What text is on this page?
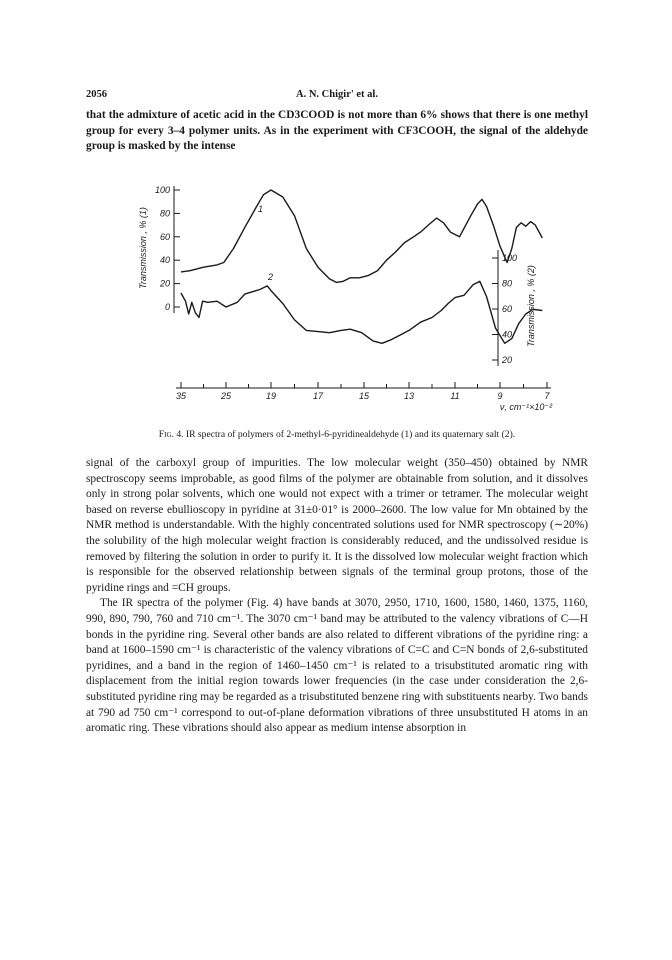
2056	A. N. Chigir' et al.

that the admixture of acetic acid in the CD3COOD is not more than 6% shows that there is one methyl group for every 3–4 polymer units. As in the experiment with CF3COOH, the signal of the aldehyde group is masked by the intense

100
80
60
40
20
0
100
80
60
40
20
35	25	19	17	15	13	11	9	7
Transmission , % (1)
Transmission , % (2)
ν, cm⁻¹×10⁻²
1
2
Fig. 4. IR spectra of polymers of 2-methyl-6-pyridinealdehyde (1) and its quaternary salt (2).

signal of the carboxyl group of impurities. The low molecular weight (350–450) obtained by NMR spectroscopy seems improbable, as good films of the polymer are obtainable from solution, and it dissolves only in strong polar solvents, which one would not expect with a trimer or tetramer. The molecular weight based on reverse ebullioscopy in pyridine at 31±0·01° is 2000–2600. The low value for Mn obtained by the NMR method is understandable. With the highly concentrated solutions used for NMR spectroscopy (∼20%) the solubility of the high molecular weight fraction is considerably reduced, and the undissolved residue is removed by filtering the solution in order to purify it. It is the dissolved low molecular weight fraction which is responsible for the observed relationship between signals of the terminal group protons, those of the pyridine rings and =CH groups.

The IR spectra of the polymer (Fig. 4) have bands at 3070, 2950, 1710, 1600, 1580, 1460, 1375, 1160, 990, 890, 790, 760 and 710 cm⁻¹. The 3070 cm⁻¹ band may be attributed to the valency vibrations of C—H bonds in the pyridine ring. Several other bands are also related to different vibrations of the pyridine ring: a band at 1600–1590 cm⁻¹ is characteristic of the valency vibrations of C=C and C=N bonds of 2,6-substituted pyridines, and a band in the region of 1460–1450 cm⁻¹ is related to a trisubstituted aromatic ring with displacement from the initial region towards lower frequencies (in the case under consideration the 2,6-substituted pyridine ring may be regarded as a trisubstituted benzene ring with substituents nearby. Two bands at 790 ad 750 cm⁻¹ correspond to out-of-plane deformation vibrations of three unsubstituted H atoms in an aromatic ring. These vibrations should also appear as medium intense absorption in
